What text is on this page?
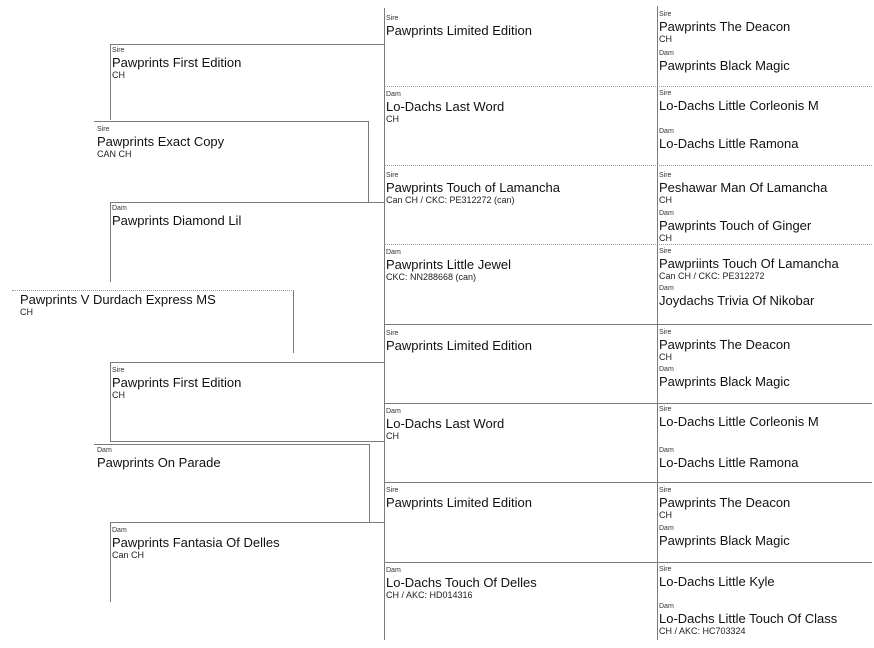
Pawprints V Durdach Express MS
CH
Sire
Pawprints Exact Copy
CAN CH
Dam
Pawprints On Parade
Sire
Pawprints First Edition
CH
Dam
Pawprints Diamond Lil
Sire
Pawprints First Edition
CH
Dam
Pawprints Fantasia Of Delles
Can CH
Sire
Pawprints Limited Edition
Dam
Lo-Dachs Last Word
CH
Sire
Pawprints Touch of Lamancha
Can CH / CKC: PE312272 (can)
Dam
Pawprints Little Jewel
CKC: NN288668 (can)
Sire
Pawprints Limited Edition
Dam
Lo-Dachs Last Word
CH
Sire
Pawprints Limited Edition
Dam
Lo-Dachs Touch Of Delles
CH / AKC: HD014316
Sire
Pawprints The Deacon
CH
Dam
Pawprints Black Magic
Sire
Lo-Dachs Little Corleonis M
Dam
Lo-Dachs Little Ramona
Sire
Peshawar Man Of Lamancha
CH
Dam
Pawprints Touch of Ginger
CH
Sire
Pawpriints Touch Of Lamancha
Can CH / CKC: PE312272
Dam
Joydachs Trivia Of Nikobar
Sire
Pawprints The Deacon
CH
Dam
Pawprints Black Magic
Sire
Lo-Dachs Little Corleonis M
Dam
Lo-Dachs Little Ramona
Sire
Pawprints The Deacon
CH
Dam
Pawprints Black Magic
Sire
Lo-Dachs Little Kyle
Dam
Lo-Dachs Little Touch Of Class
CH / AKC: HC703324
